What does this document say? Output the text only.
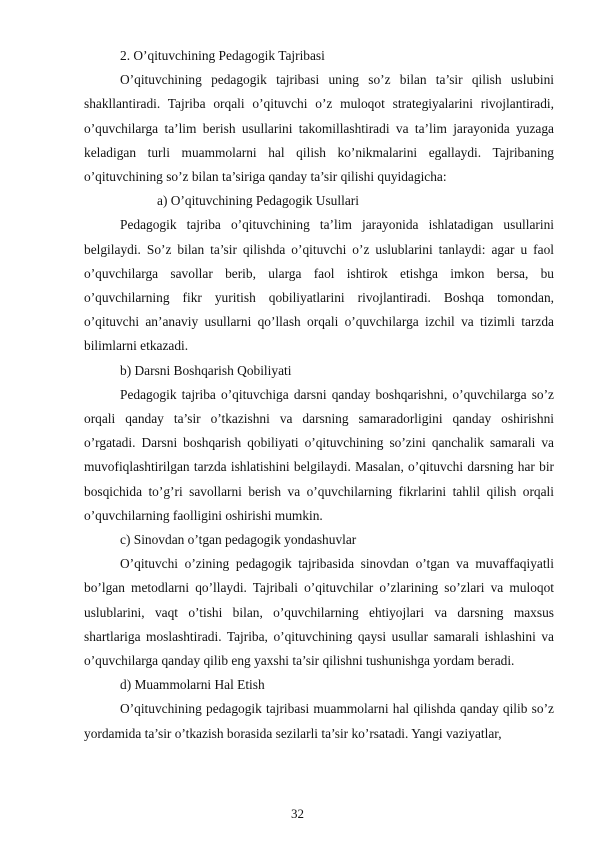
2. O’qituvchining Pedagogik Tajribasi

O’qituvchining pedagogik tajribasi uning so’z bilan ta’sir qilish uslubini shakllantiradi. Tajriba orqali o’qituvchi o’z muloqot strategiyalarini rivojlantiradi, o’quvchilarga ta’lim berish usullarini takomillashtiradi va ta’lim jarayonida yuzaga keladigan turli muammolarni hal qilish ko’nikmalarini egallaydi. Tajribaning o’qituvchining so’z bilan ta’siriga qanday ta’sir qilishi quyidagicha:

a) O’qituvchining Pedagogik Usullari

Pedagogik tajriba o’qituvchining ta’lim jarayonida ishlatadigan usullarini belgilaydi. So’z bilan ta’sir qilishda o’qituvchi o’z uslublarini tanlaydi: agar u faol o’quvchilarga savollar berib, ularga faol ishtirok etishga imkon bersa, bu o’quvchilarning fikr yuritish qobiliyatlarini rivojlantiradi. Boshqa tomondan, o’qituvchi an’anaviy usullarni qo’llash orqali o’quvchilarga izchil va tizimli tarzda bilimlarni etkazadi.

b) Darsni Boshqarish Qobiliyati

Pedagogik tajriba o’qituvchiga darsni qanday boshqarishni, o’quvchilarga so’z orqali qanday ta’sir o’tkazishni va darsning samaradorligini qanday oshirishni o’rgatadi. Darsni boshqarish qobiliyati o’qituvchining so’zini qanchalik samarali va muvofiqlashtirilgan tarzda ishlatishini belgilaydi. Masalan, o’qituvchi darsning har bir bosqichida to’g’ri savollarni berish va o’quvchilarning fikrlarini tahlil qilish orqali o’quvchilarning faolligini oshirishi mumkin.

c) Sinovdan o’tgan pedagogik yondashuvlar

O’qituvchi o’zining pedagogik tajribasida sinovdan o’tgan va muvaffaqiyatli bo’lgan metodlarni qo’llaydi. Tajribali o’qituvchilar o’zlarining so’zlari va muloqot uslublarini, vaqt o’tishi bilan, o’quvchilarning ehtiyojlari va darsning maxsus shartlariga moslashtiradi. Tajriba, o’qituvchining qaysi usullar samarali ishlashini va o’quvchilarga qanday qilib eng yaxshi ta’sir qilishni tushunishga yordam beradi.

d) Muammolarni Hal Etish

O’qituvchining pedagogik tajribasi muammolarni hal qilishda qanday qilib so’z yordamida ta’sir o’tkazish borasida sezilarli ta’sir ko’rsatadi. Yangi vaziyatlar,

32
